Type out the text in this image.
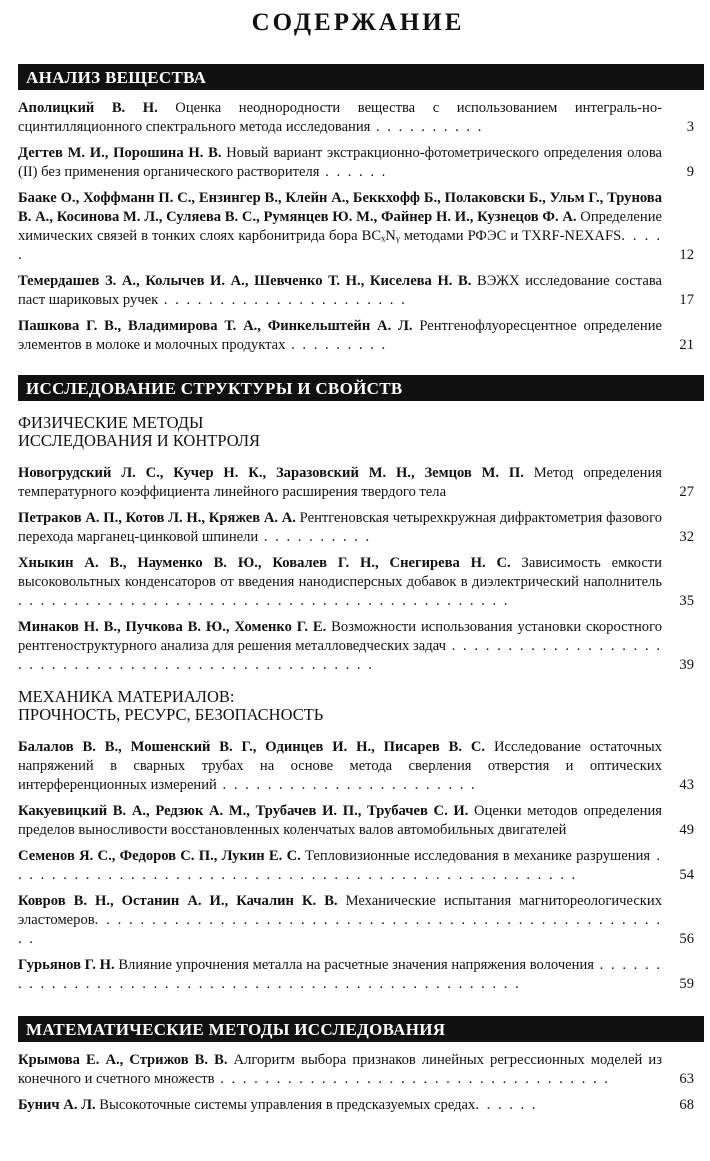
СОДЕРЖАНИЕ
АНАЛИЗ ВЕЩЕСТВА
Аполицкий В. Н. Оценка неоднородности вещества с использованием интеграль-но-сцинтилляционного спектрального метода исследования . . . . . . . . . .	3
Дегтев М. И., Порошина Н. В. Новый вариант экстракционно-фотометрического определения олова (II) без применения органического растворителя . . . . . .	9
Бааке О., Хоффманн П. С., Ензингер В., Клейн А., Беккхофф Б., Полаковски Б., Ульм Г., Трунова В. А., Косинова М. Л., Суляева В. С., Румянцев Ю. М., Файнер Н. И., Кузнецов Ф. А. Определение химических связей в тонких слоях карбонитрида бора BCₓNᵧ методами РФЭС и TXRF-NEXAFS. . . . .	12
Темердашев З. А., Колычев И. А., Шевченко Т. Н., Киселева Н. В. ВЭЖХ исследование состава паст шариковых ручек . . . . . . . . . . . . . . . . . . . . . .	17
Пашкова Г. В., Владимирова Т. А., Финкельштейн А. Л. Рентгенофлуоресцентное определение элементов в молоке и молочных продуктах . . . . . . . . .	21
ИССЛЕДОВАНИЕ СТРУКТУРЫ И СВОЙСТВ
ФИЗИЧЕСКИЕ МЕТОДЫ
ИССЛЕДОВАНИЯ И КОНТРОЛЯ
Новогрудский Л. С., Кучер Н. К., Заразовский М. Н., Земцов М. П. Метод определения температурного коэффициента линейного расширения твердого тела	27
Петраков А. П., Котов Л. Н., Кряжев А. А. Рентгеновская четырехкружная дифрактометрия фазового перехода марганец-цинковой шпинели . . . . . . . . . .	32
Хныкин А. В., Науменко В. Ю., Ковалев Г. Н., Снегирева Н. С. Зависимость емкости высоковольтных конденсаторов от введения нанодисперсных добавок в диэлектрический наполнитель . . . . . . . . . . . . . . . . . . . . . . . . . . . . . . . . . . . . . . . . . . . .	35
Минаков Н. В., Пучкова В. Ю., Хоменко Г. Е. Возможности использования установки скоростного рентгеноструктурного анализа для решения металловедческих задач . . . . . . . . . . . . . . . . . . . . . . . . . . . . . . . . . . . . . . . . . . . . . . . . . . .	39
МЕХАНИКА МАТЕРИАЛОВ:
ПРОЧНОСТЬ, РЕСУРС, БЕЗОПАСНОСТЬ
Балалов В. В., Мошенский В. Г., Одинцев И. Н., Писарев В. С. Исследование остаточных напряжений в сварных трубах на основе метода сверления отверстия и оптических интерференционных измерений . . . . . . . . . . . . . . . . . . . . . . .	43
Какуевицкий В. А., Редзюк А. М., Трубачев И. П., Трубачев С. И. Оценки методов определения пределов выносливости восстановленных коленчатых валов автомобильных двигателей	49
Семенов Я. С., Федоров С. П., Лукин Е. С. Тепловизионные исследования в механике разрушения . . . . . . . . . . . . . . . . . . . . . . . . . . . . . . . . . . . . . . . . . . . . . . . . . . .	54
Ковров В. Н., Останин А. И., Качалин К. В. Механические испытания магнитореологических эластомеров. . . . . . . . . . . . . . . . . . . . . . . . . . . . . . . . . . . . . . . . . . . . . . . . . . . .	56
Гурьянов Г. Н. Влияние упрочнения металла на расчетные значения напряжения волочения . . . . . . . . . . . . . . . . . . . . . . . . . . . . . . . . . . . . . . . . . . . . . . . . . . .	59
МАТЕМАТИЧЕСКИЕ МЕТОДЫ ИССЛЕДОВАНИЯ
Крымова Е. А., Стрижов В. В. Алгоритм выбора признаков линейных регрессионных моделей из конечного и счетного множеств . . . . . . . . . . . . . . . . . . . . . . . . . . . . . . . . . . .	63
Бунич А. Л. Высокоточные системы управления в предсказуемых средах. . . . . .	68
